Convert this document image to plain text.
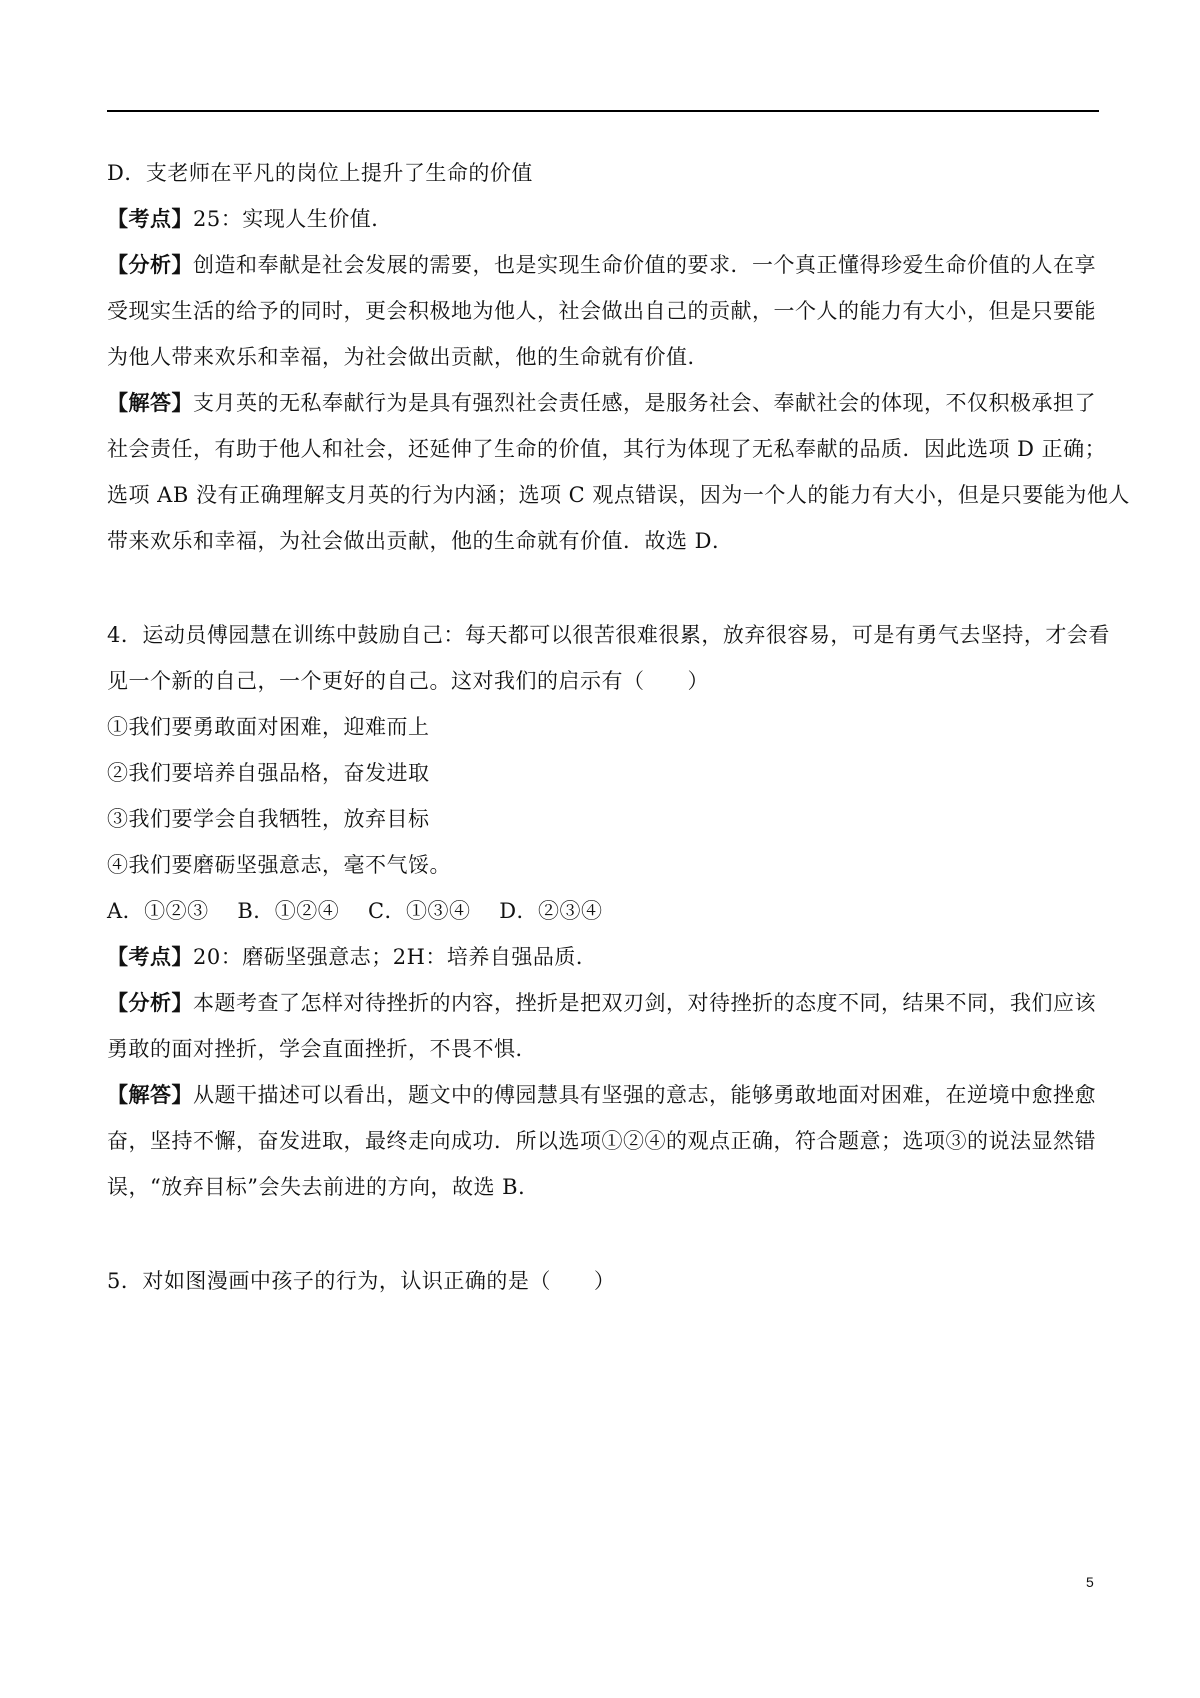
D．支老师在平凡的岗位上提升了生命的价值
【考点】25：实现人生价值．
【分析】创造和奉献是社会发展的需要，也是实现生命价值的要求．一个真正懂得珍爱生命价值的人在享
受现实生活的给予的同时，更会积极地为他人，社会做出自己的贡献，一个人的能力有大小，但是只要能
为他人带来欢乐和幸福，为社会做出贡献，他的生命就有价值．
【解答】支月英的无私奉献行为是具有强烈社会责任感，是服务社会、奉献社会的体现，不仅积极承担了
社会责任，有助于他人和社会，还延伸了生命的价值，其行为体现了无私奉献的品质．因此选项 D 正确；
选项 AB 没有正确理解支月英的行为内涵；选项 C 观点错误，因为一个人的能力有大小，但是只要能为他人
带来欢乐和幸福，为社会做出贡献，他的生命就有价值．故选 D．
4．运动员傅园慧在训练中鼓励自己：每天都可以很苦很难很累，放弃很容易，可是有勇气去坚持，才会看
见一个新的自己，一个更好的自己。这对我们的启示有（　　）
①我们要勇敢面对困难，迎难而上
②我们要培养自强品格，奋发进取
③我们要学会自我牺牲，放弃目标
④我们要磨砺坚强意志，毫不气馁。
A．①②③　 B．①②④　 C．①③④　 D．②③④
【考点】20：磨砺坚强意志；2H：培养自强品质．
【分析】本题考查了怎样对待挫折的内容，挫折是把双刃剑，对待挫折的态度不同，结果不同，我们应该
勇敢的面对挫折，学会直面挫折，不畏不惧．
【解答】从题干描述可以看出，题文中的傅园慧具有坚强的意志，能够勇敢地面对困难，在逆境中愈挫愈
奋，坚持不懈，奋发进取，最终走向成功．所以选项①②④的观点正确，符合题意；选项③的说法显然错
误，“放弃目标”会失去前进的方向，故选 B．
5．对如图漫画中孩子的行为，认识正确的是（　　）
5
